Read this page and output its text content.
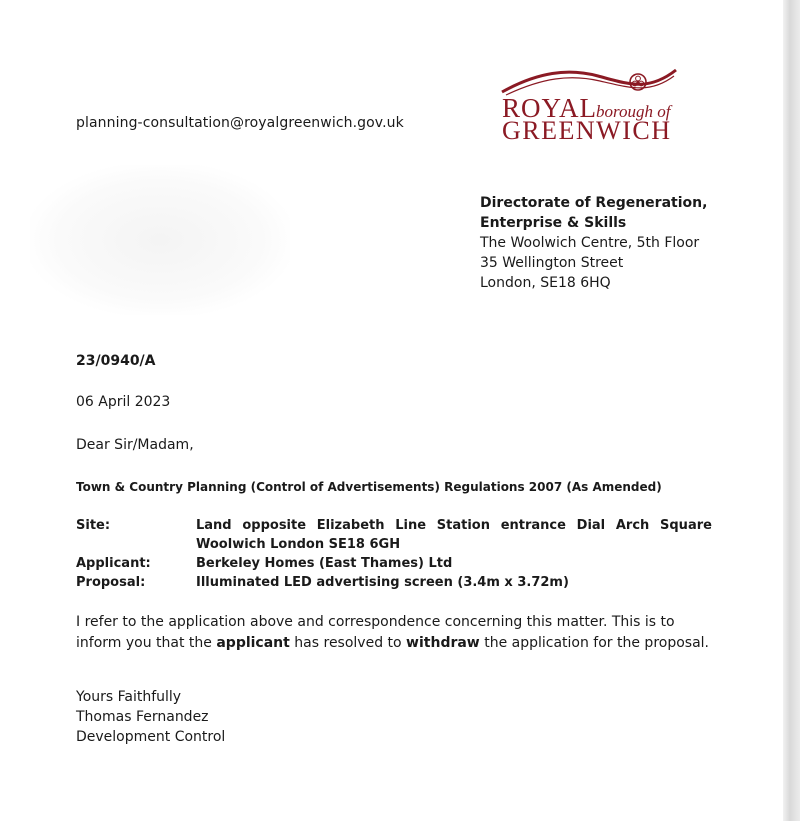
planning-consultation@royalgreenwich.gov.uk	ROYAL
borough of
GREENWICH
Directorate of Regeneration,
Enterprise & Skills
The Woolwich Centre, 5th Floor
35 Wellington Street
London, SE18 6HQ
23/0940/A
06 April 2023
Dear Sir/Madam,
Town & Country Planning (Control of Advertisements) Regulations 2007 (As Amended)
Site:	Land opposite Elizabeth Line Station entrance Dial Arch Square
Woolwich London SE18 6GH
Applicant:	Berkeley Homes (East Thames) Ltd
Proposal:	Illuminated LED advertising screen (3.4m x 3.72m)
I refer to the application above and correspondence concerning this matter. This is to inform you that the applicant has resolved to withdraw the application for the proposal.
Yours Faithfully
Thomas Fernandez
Development Control
